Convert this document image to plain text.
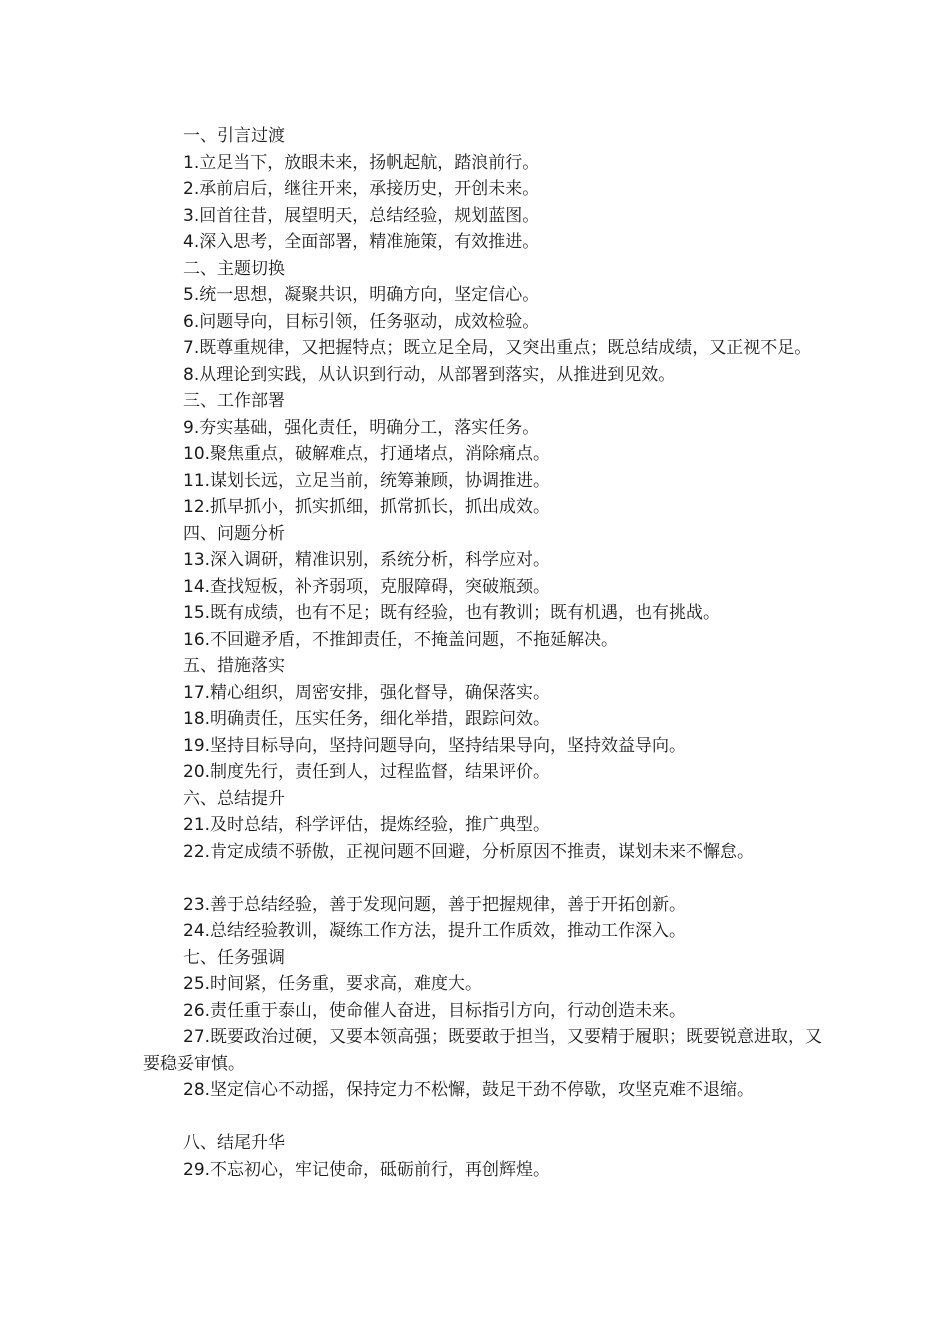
一、引言过渡

1.立足当下，放眼未来，扬帆起航，踏浪前行。

2.承前启后，继往开来，承接历史，开创未来。

3.回首往昔，展望明天，总结经验，规划蓝图。

4.深入思考，全面部署，精准施策，有效推进。

二、主题切换

5.统一思想，凝聚共识，明确方向，坚定信心。

6.问题导向，目标引领，任务驱动，成效检验。

7.既尊重规律，又把握特点；既立足全局，又突出重点；既总结成绩，又正视不足。

8.从理论到实践，从认识到行动，从部署到落实，从推进到见效。

三、工作部署

9.夯实基础，强化责任，明确分工，落实任务。

10.聚焦重点，破解难点，打通堵点，消除痛点。

11.谋划长远，立足当前，统筹兼顾，协调推进。

12.抓早抓小，抓实抓细，抓常抓长，抓出成效。

四、问题分析

13.深入调研，精准识别，系统分析，科学应对。

14.查找短板，补齐弱项，克服障碍，突破瓶颈。

15.既有成绩，也有不足；既有经验，也有教训；既有机遇，也有挑战。

16.不回避矛盾，不推卸责任，不掩盖问题，不拖延解决。

五、措施落实

17.精心组织，周密安排，强化督导，确保落实。

18.明确责任，压实任务，细化举措，跟踪问效。

19.坚持目标导向，坚持问题导向，坚持结果导向，坚持效益导向。

20.制度先行，责任到人，过程监督，结果评价。

六、总结提升

21.及时总结，科学评估，提炼经验，推广典型。

22.肯定成绩不骄傲，正视问题不回避，分析原因不推责，谋划未来不懈怠。

23.善于总结经验，善于发现问题，善于把握规律，善于开拓创新。

24.总结经验教训，凝练工作方法，提升工作质效，推动工作深入。

七、任务强调

25.时间紧，任务重，要求高，难度大。

26.责任重于泰山，使命催人奋进，目标指引方向，行动创造未来。

27.既要政治过硬，又要本领高强；既要敢于担当，又要精于履职；既要锐意进取，又要稳妥审慎。

28.坚定信心不动摇，保持定力不松懈，鼓足干劲不停歇，攻坚克难不退缩。

八、结尾升华

29.不忘初心，牢记使命，砥砺前行，再创辉煌。
